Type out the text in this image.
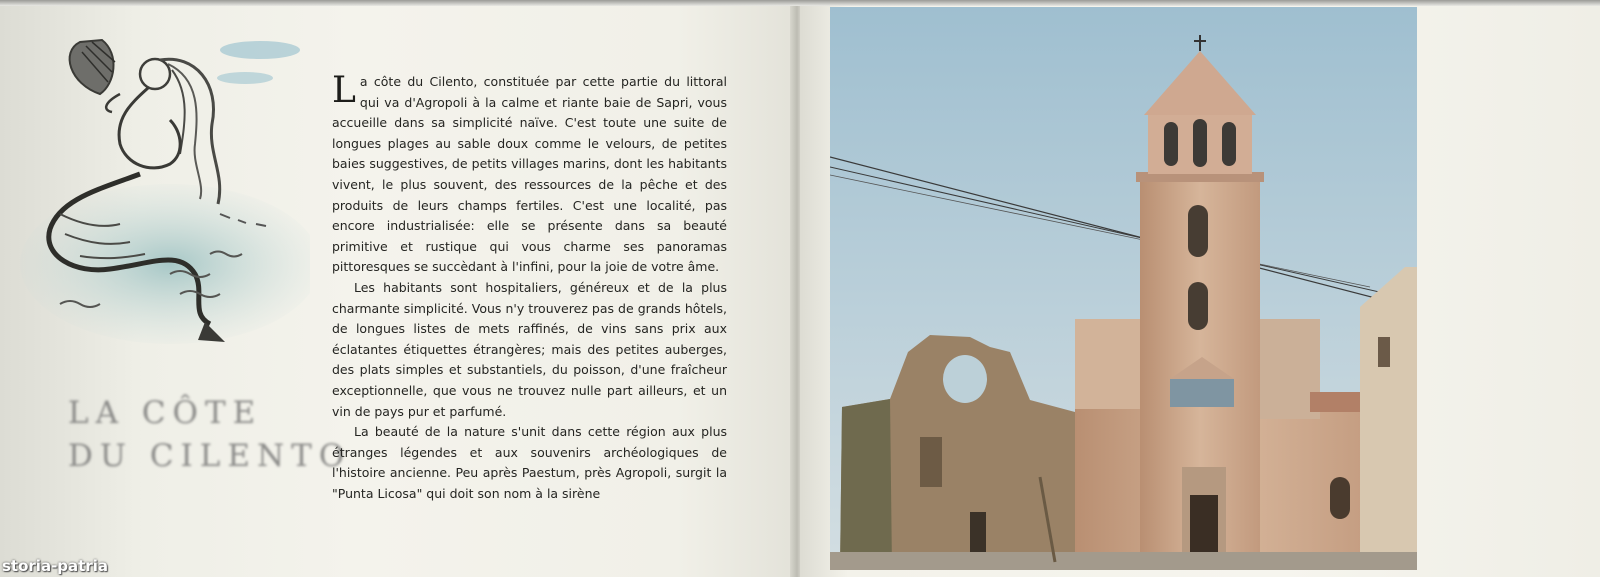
LA CÔTE
DU CILENTO

La côte du Cilento, constituée par cette partie du littoral qui va d'Agropoli à la calme et riante baie de Sapri, vous accueille dans sa simplicité naïve. C'est toute une suite de longues plages au sable doux comme le velours, de petites baies suggestives, de petits villages marins, dont les habitants vivent, le plus souvent, des ressources de la pêche et des produits de leurs champs fertiles. C'est une localité, pas encore industrialisée: elle se présente dans sa beauté primitive et rustique qui vous charme ses panoramas pittoresques se succèdant à l'infini, pour la joie de votre âme.

Les habitants sont hospitaliers, généreux et de la plus charmante simplicité. Vous n'y trouverez pas de grands hôtels, de longues listes de mets raffinés, de vins sans prix aux éclatantes étiquettes étrangères; mais des petites auberges, des plats simples et substantiels, du poisson, d'une fraîcheur exceptionnelle, que vous ne trouvez nulle part ailleurs, et un vin de pays pur et parfumé.

La beauté de la nature s'unit dans cette région aux plus étranges légendes et aux souvenirs archéologiques de l'histoire ancienne. Peu après Paestum, près Agropoli, surgit la "Punta Licosa" qui doit son nom à la sirène

storia-patria
